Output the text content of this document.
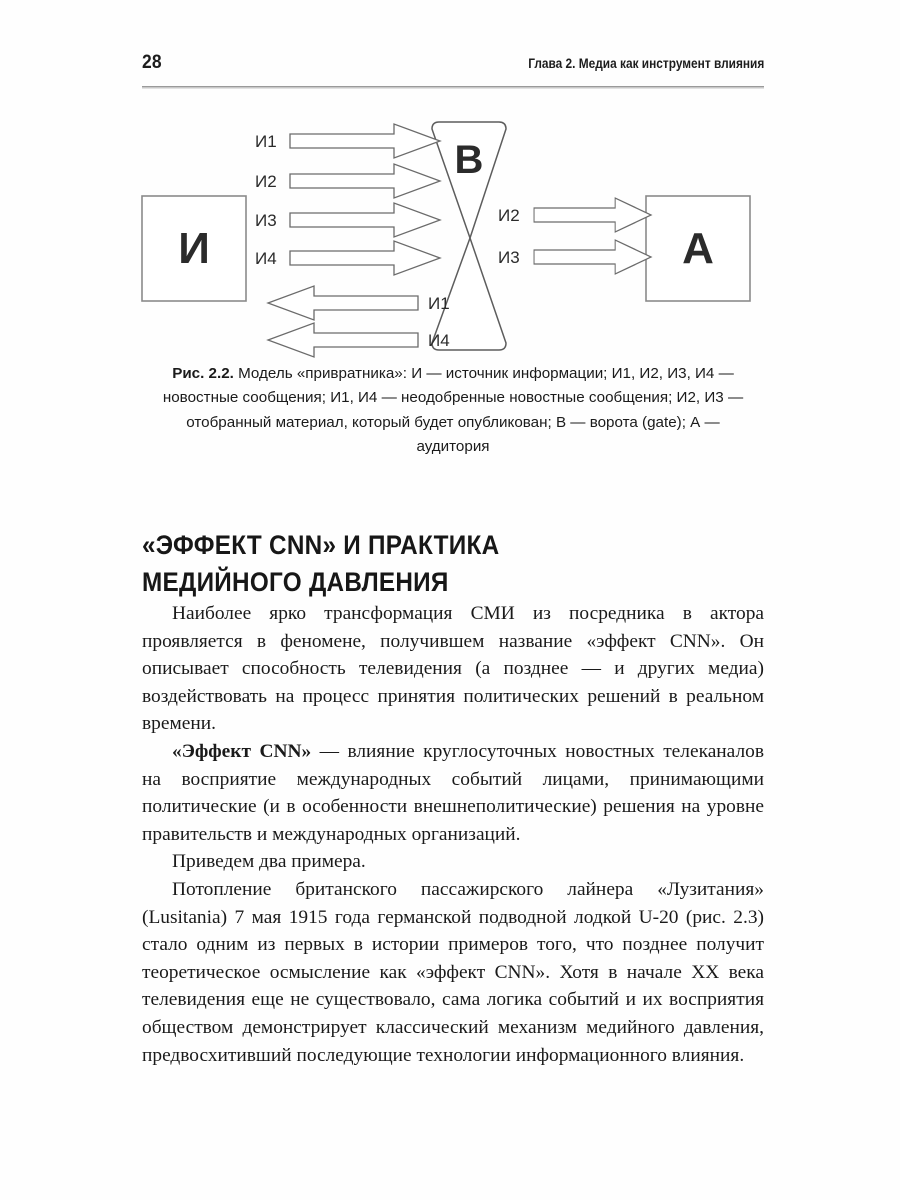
28	Глава 2. Медиа как инструмент влияния
И
В
А
И1
И2
И3
И4
И1
И4
И2
И3
Рис. 2.2. Модель «привратника»: И — источник информации; И1, И2, И3, И4 — новостные сообщения; И1, И4 — неодобренные новостные сообщения; И2, И3 — отобранный материал, который будет опубликован; В — ворота (gate); А — аудитория
«ЭФФЕКТ CNN» И ПРАКТИКА
МЕДИЙНОГО ДАВЛЕНИЯ

Наиболее ярко трансформация СМИ из посредника в актора проявляется в феномене, получившем название «эффект CNN». Он описывает способность телевидения (а позднее — и других медиа) воздействовать на процесс принятия политических решений в реальном времени.

«Эффект CNN» — влияние круглосуточных новостных телеканалов на восприятие международных событий лицами, принимающими политические (и в особенности внешнеполитические) решения на уровне правительств и международных организаций.

Приведем два примера.

Потопление британского пассажирского лайнера «Лузитания» (Lusitania) 7 мая 1915 года германской подводной лодкой U-20 (рис. 2.3) стало одним из первых в истории примеров того, что позднее получит теоретическое осмысление как «эффект CNN». Хотя в начале XX века телевидения еще не существовало, сама логика событий и их восприятия обществом демонстрирует классический механизм медийного давления, предвосхитивший последующие технологии информационного влияния.
